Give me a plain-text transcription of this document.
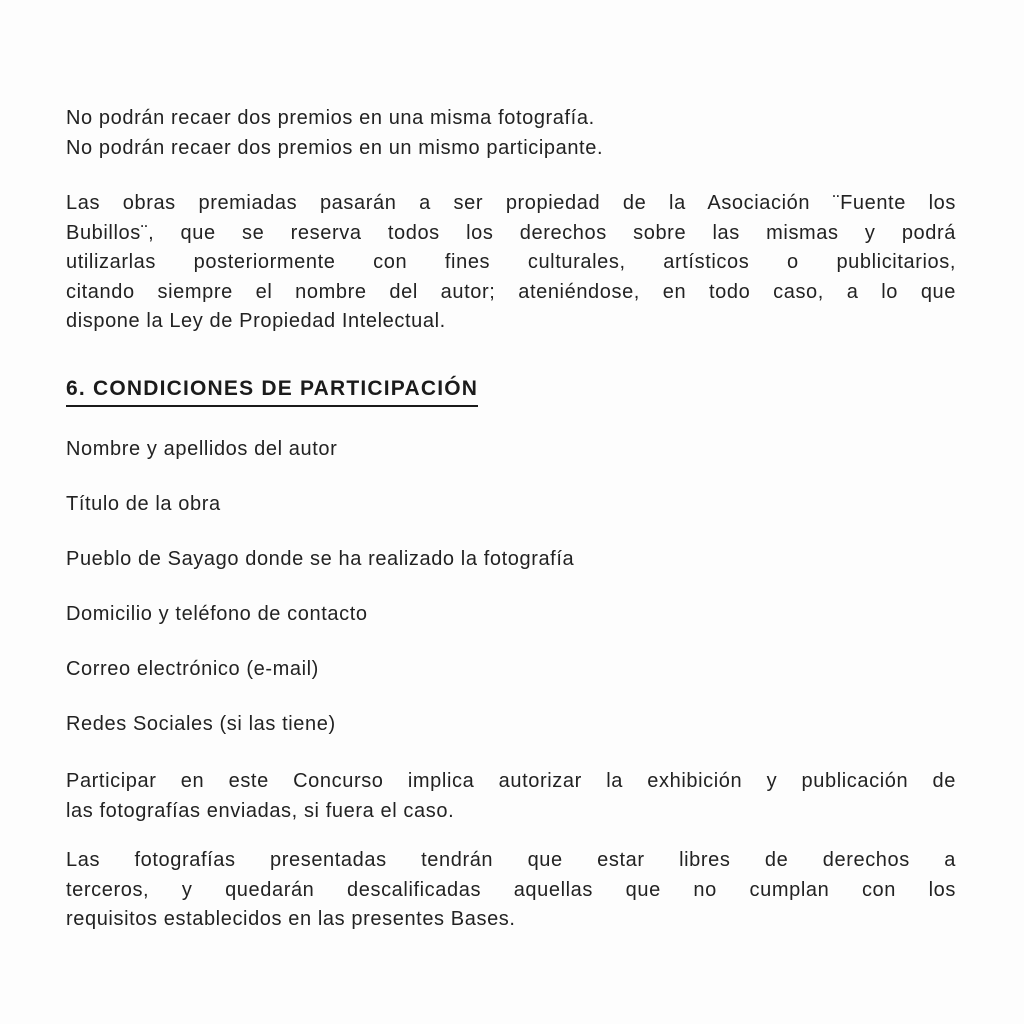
No podrán recaer dos premios en una misma fotografía.
No podrán recaer dos premios en un mismo participante.
Las obras premiadas pasarán a ser propiedad de la Asociación ¨Fuente los
Bubillos¨, que se reserva todos los derechos sobre las mismas y podrá
utilizarlas posteriormente con fines culturales, artísticos o publicitarios,
citando siempre el nombre del autor; ateniéndose, en todo caso, a lo que
dispone la Ley de Propiedad Intelectual.
6. CONDICIONES DE PARTICIPACIÓN
Nombre y apellidos del autor
Título de la obra
Pueblo de Sayago donde se ha realizado la fotografía
Domicilio y teléfono de contacto
Correo electrónico (e-mail)
Redes Sociales (si las tiene)
Participar en este Concurso implica autorizar la exhibición y publicación de
las fotografías enviadas, si fuera el caso.
Las fotografías presentadas tendrán que estar libres de derechos a
terceros, y quedarán descalificadas aquellas que no cumplan con los
requisitos establecidos en las presentes Bases.
